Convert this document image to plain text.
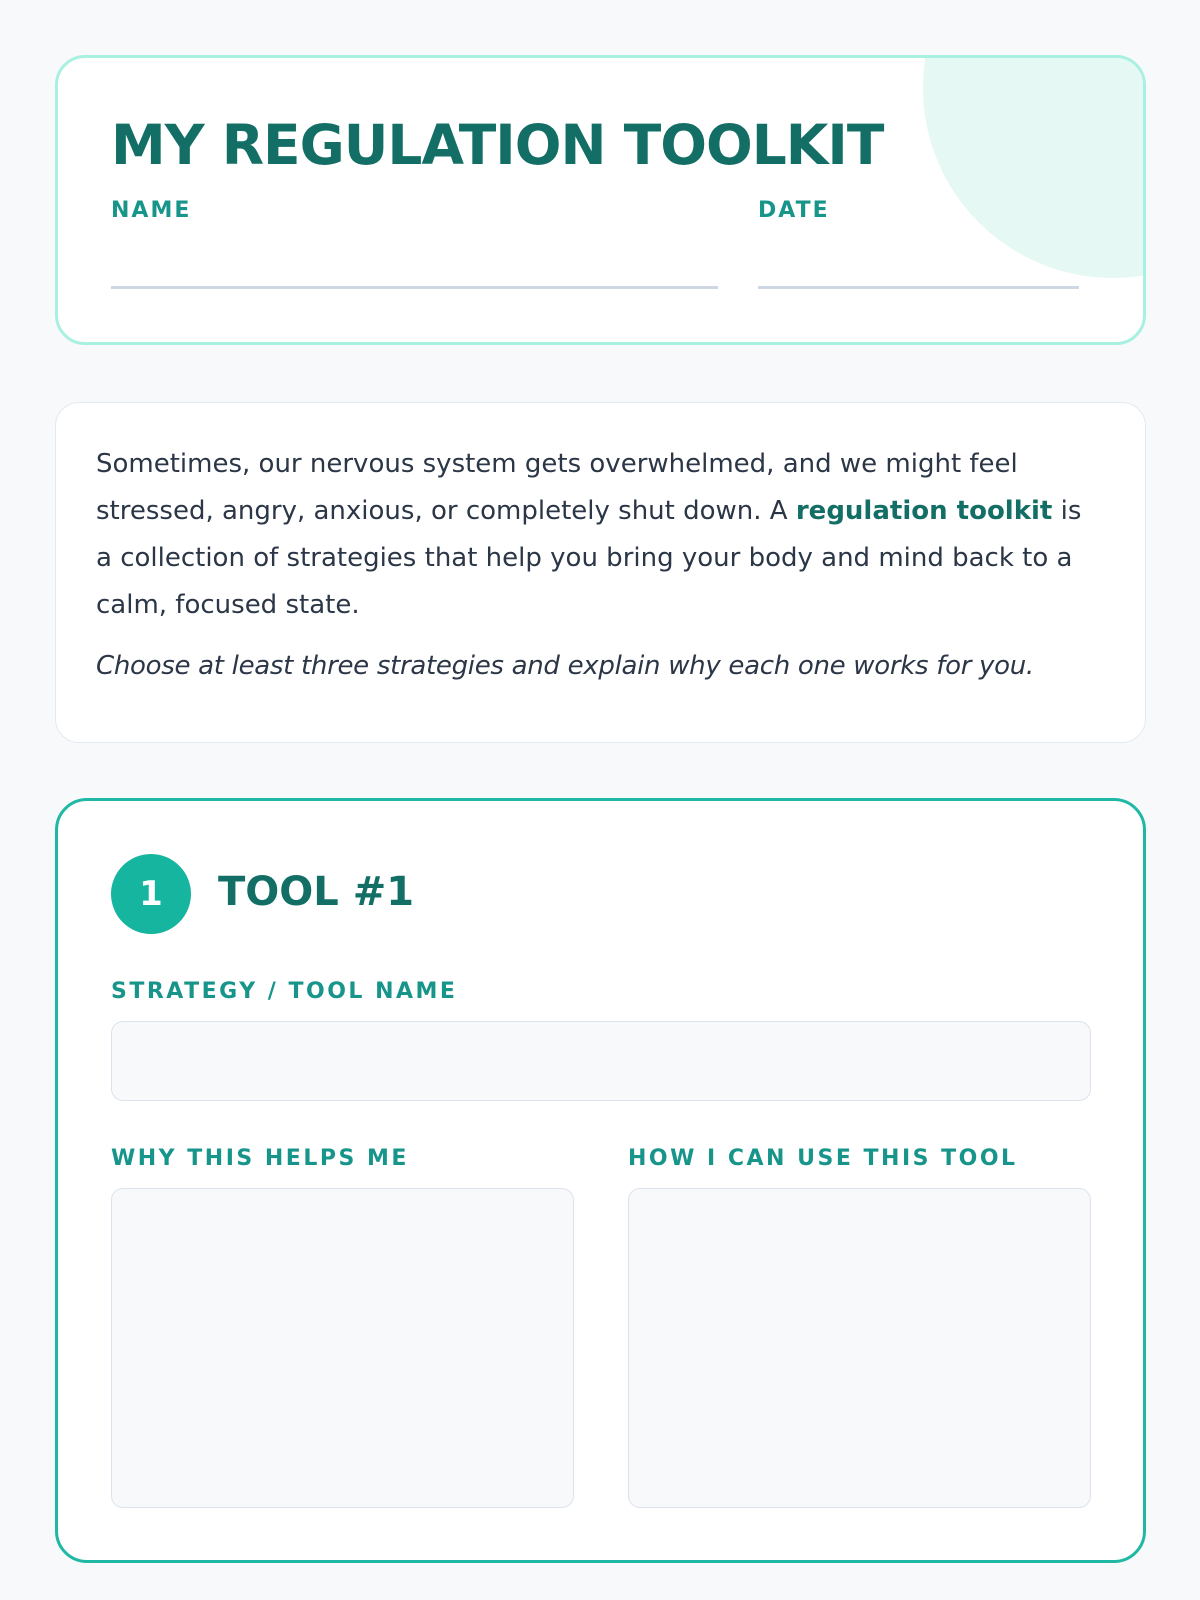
MY REGULATION TOOLKIT
NAME	DATE

Sometimes, our nervous system gets overwhelmed, and we might feel stressed, angry, anxious, or completely shut down. A regulation toolkit is a collection of strategies that help you bring your body and mind back to a calm, focused state.

Choose at least three strategies and explain why each one works for you.

1	TOOL #1
STRATEGY / TOOL NAME
WHY THIS HELPS ME	HOW I CAN USE THIS TOOL
